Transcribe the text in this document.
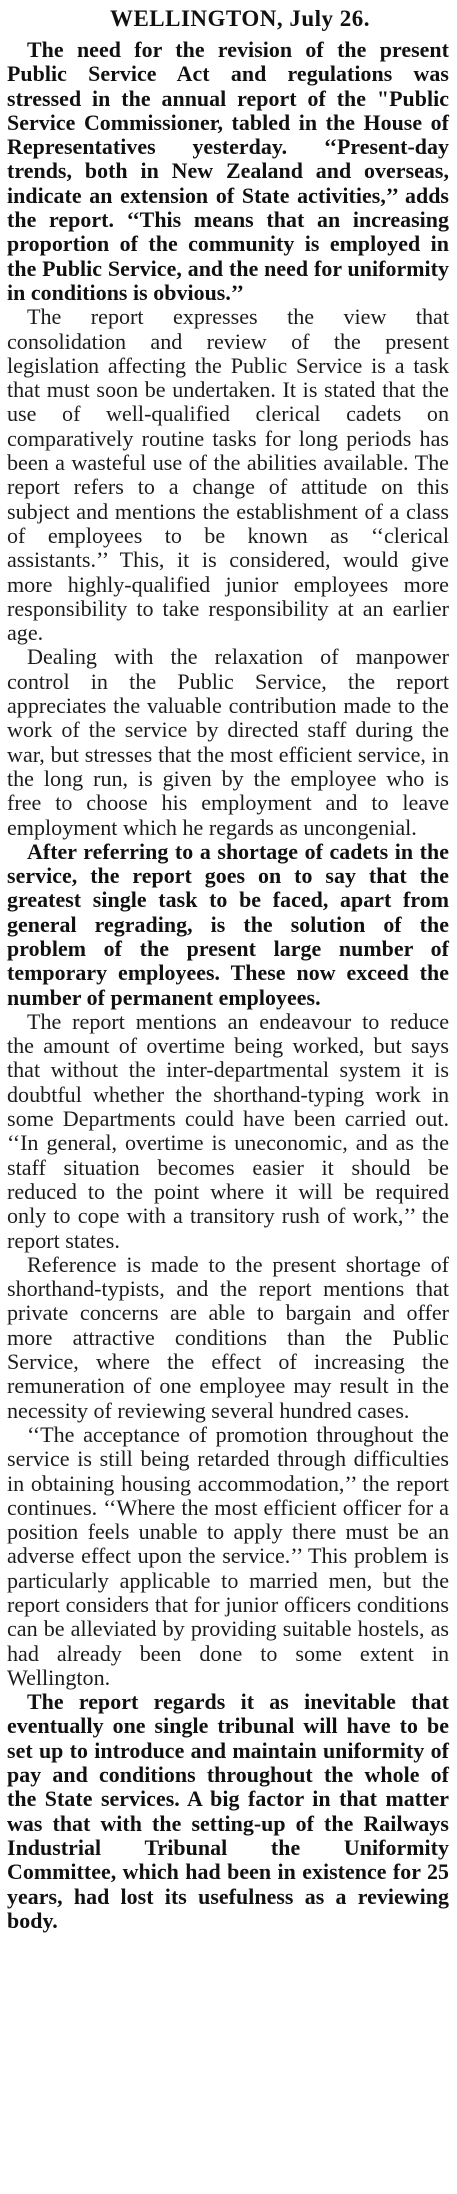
WELLINGTON, July 26.

The need for the revision of the present Public Service Act and regulations was stressed in the annual report of the "Public Service Commissioner, tabled in the House of Representatives yesterday. ‘‘Present-day trends, both in New Zealand and overseas, indicate an extension of State activities,’’ adds the report. ‘‘This means that an increasing proportion of the community is employed in the Public Service, and the need for uniformity in conditions is obvious.’’

The report expresses the view that consolidation and review of the present legislation affecting the Public Service is a task that must soon be undertaken. It is stated that the use of well-qualified clerical cadets on comparatively routine tasks for long periods has been a wasteful use of the abilities available. The report refers to a change of attitude on this subject and mentions the establishment of a class of employees to be known as ‘‘clerical assistants.’’ This, it is considered, would give more highly-qualified junior employees more responsibility to take responsibility at an earlier age.

Dealing with the relaxation of manpower control in the Public Service, the report appreciates the valuable contribution made to the work of the service by directed staff during the war, but stresses that the most efficient service, in the long run, is given by the employee who is free to choose his employment and to leave employment which he regards as uncongenial.

After referring to a shortage of cadets in the service, the report goes on to say that the greatest single task to be faced, apart from general regrading, is the solution of the problem of the present large number of temporary employees. These now exceed the number of permanent employees.

The report mentions an endeavour to reduce the amount of overtime being worked, but says that without the inter-departmental system it is doubtful whether the shorthand-typing work in some Departments could have been carried out. ‘‘In general, overtime is uneconomic, and as the staff situation becomes easier it should be reduced to the point where it will be required only to cope with a transitory rush of work,’’ the report states.

Reference is made to the present shortage of shorthand-typists, and the report mentions that private concerns are able to bargain and offer more attractive conditions than the Public Service, where the effect of increasing the remuneration of one employee may result in the necessity of reviewing several hundred cases.

‘‘The acceptance of promotion throughout the service is still being retarded through difficulties in obtaining housing accommodation,’’ the report continues. ‘‘Where the most efficient officer for a position feels unable to apply there must be an adverse effect upon the service.’’ This problem is particularly applicable to married men, but the report considers that for junior officers conditions can be alleviated by providing suitable hostels, as had already been done to some extent in Wellington.

The report regards it as inevitable that eventually one single tribunal will have to be set up to introduce and maintain uniformity of pay and conditions throughout the whole of the State services. A big factor in that matter was that with the setting-up of the Railways Industrial Tribunal the Uniformity Committee, which had been in existence for 25 years, had lost its usefulness as a reviewing body.
